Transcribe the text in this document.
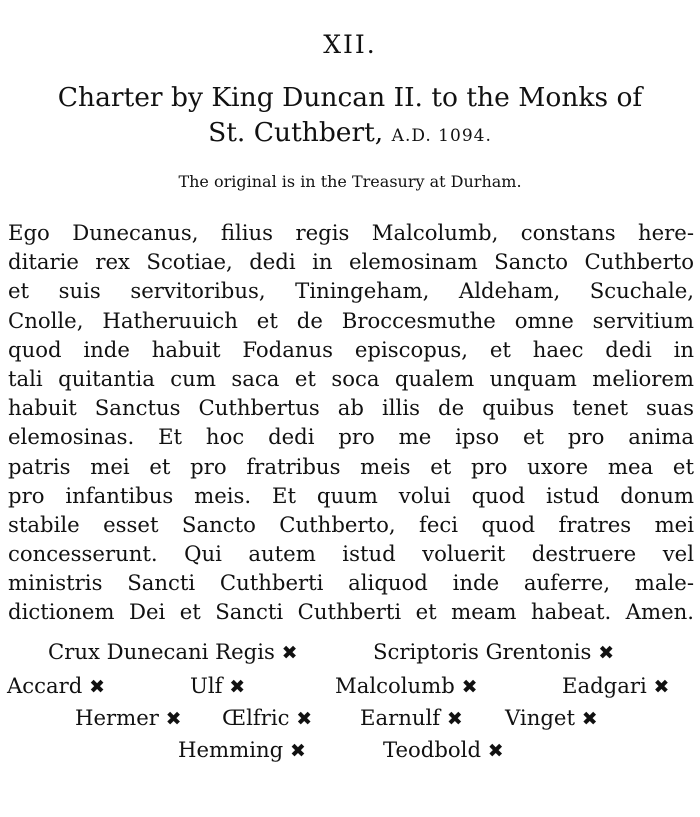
XII.
Charter by King Duncan II. to the Monks of
St. Cuthbert, A.D. 1094.
The original is in the Treasury at Durham.
Ego Dunecanus, filius regis Malcolumb, constans here-
ditarie rex Scotiae, dedi in elemosinam Sancto Cuthberto
et suis servitoribus, Tiningeham, Aldeham, Scuchale,
Cnolle, Hatheruuich et de Broccesmuthe omne servitium
quod inde habuit Fodanus episcopus, et haec dedi in
tali quitantia cum saca et soca qualem unquam meliorem
habuit Sanctus Cuthbertus ab illis de quibus tenet suas
elemosinas. Et hoc dedi pro me ipso et pro anima
patris mei et pro fratribus meis et pro uxore mea et
pro infantibus meis. Et quum volui quod istud donum
stabile esset Sancto Cuthberto, feci quod fratres mei
concesserunt. Qui autem istud voluerit destruere vel
ministris Sancti Cuthberti aliquod inde auferre, male-
dictionem Dei et Sancti Cuthberti et meam habeat. Amen.
Crux Dunecani Regis ✖	Scriptoris Grentonis ✖
Accard ✖	Ulf ✖	Malcolumb ✖	Eadgari ✖
Hermer ✖ Œlfric ✖ Earnulf ✖ Vinget ✖
Hemming ✖	Teodbold ✖
